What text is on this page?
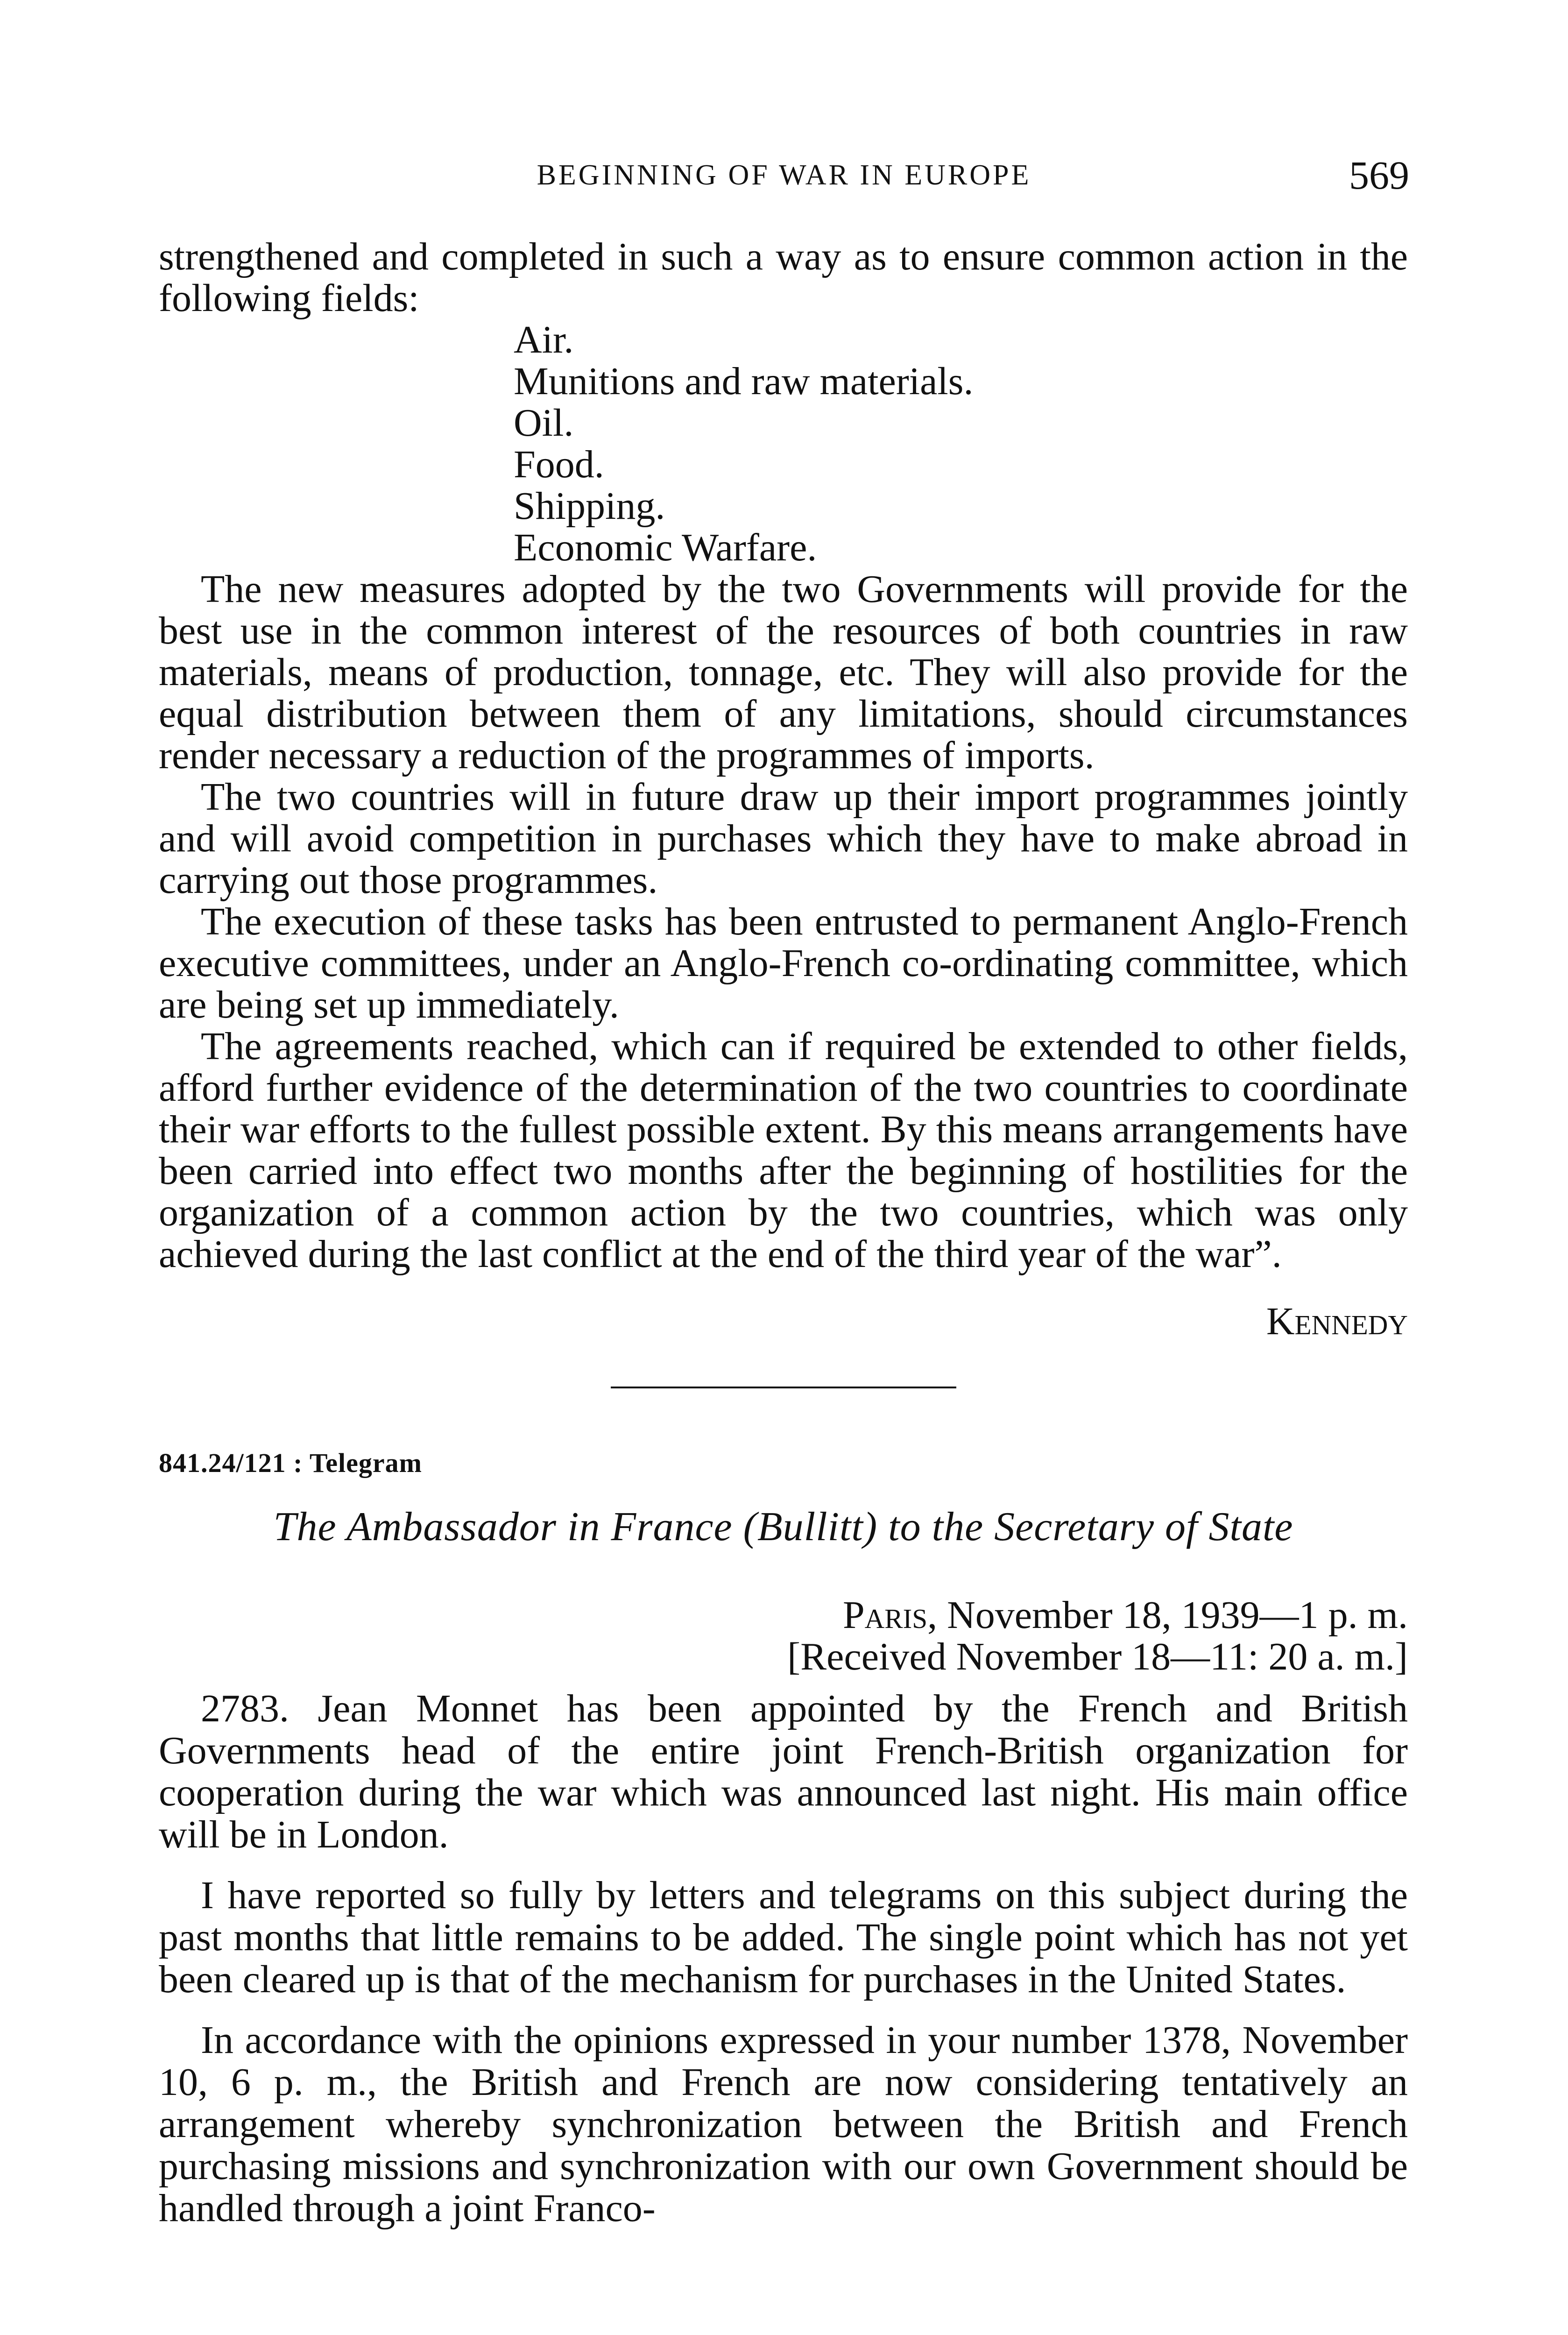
BEGINNING OF WAR IN EUROPE	569

strengthened and completed in such a way as to ensure common action in the following fields:

Air.
Munitions and raw materials.
Oil.
Food.
Shipping.
Economic Warfare.

The new measures adopted by the two Governments will provide for the best use in the common interest of the resources of both countries in raw materials, means of production, tonnage, etc. They will also provide for the equal distribution between them of any limitations, should circumstances render necessary a reduction of the programmes of imports.

The two countries will in future draw up their import programmes jointly and will avoid competition in purchases which they have to make abroad in carrying out those programmes.

The execution of these tasks has been entrusted to permanent Anglo-French executive committees, under an Anglo-French co-ordinating committee, which are being set up immediately.

The agreements reached, which can if required be extended to other fields, afford further evidence of the determination of the two countries to coordinate their war efforts to the fullest possible extent. By this means arrangements have been carried into effect two months after the beginning of hostilities for the organization of a common action by the two countries, which was only achieved during the last conflict at the end of the third year of the war”.

Kennedy
841.24/121 : Telegram
The Ambassador in France (Bullitt) to the Secretary of State
Paris, November 18, 1939—1 p. m.
[Received November 18—11: 20 a. m.]

2783. Jean Monnet has been appointed by the French and British Governments head of the entire joint French-British organization for cooperation during the war which was announced last night. His main office will be in London.

I have reported so fully by letters and telegrams on this subject during the past months that little remains to be added. The single point which has not yet been cleared up is that of the mechanism for purchases in the United States.

In accordance with the opinions expressed in your number 1378, November 10, 6 p. m., the British and French are now considering tentatively an arrangement whereby synchronization between the British and French purchasing missions and synchronization with our own Government should be handled through a joint Franco-
